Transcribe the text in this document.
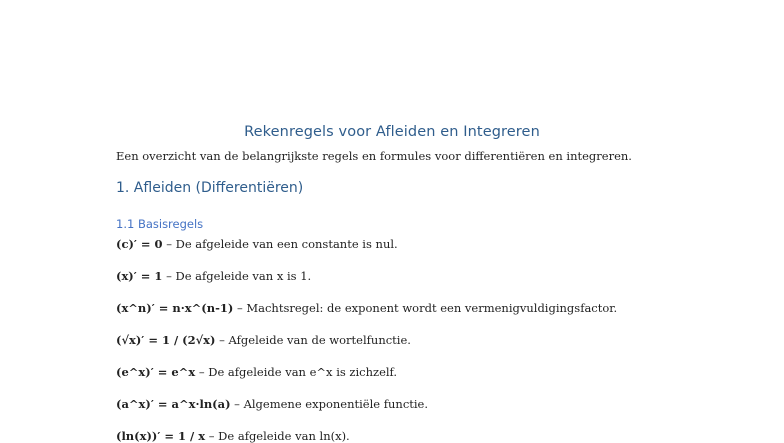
Rekenregels voor Afleiden en Integreren
Een overzicht van de belangrijkste regels en formules voor differentiëren en integreren.
1. Afleiden (Differentiëren)
1.1 Basisregels
(c)′ = 0 – De afgeleide van een constante is nul.
(x)′ = 1 – De afgeleide van x is 1.
(x^n)′ = n·x^(n-1) – Machtsregel: de exponent wordt een vermenigvuldigingsfactor.
(√x)′ = 1 / (2√x) – Afgeleide van de wortelfunctie.
(e^x)′ = e^x – De afgeleide van e^x is zichzelf.
(a^x)′ = a^x·ln(a) – Algemene exponentiële functie.
(ln(x))′ = 1 / x – De afgeleide van ln(x).
